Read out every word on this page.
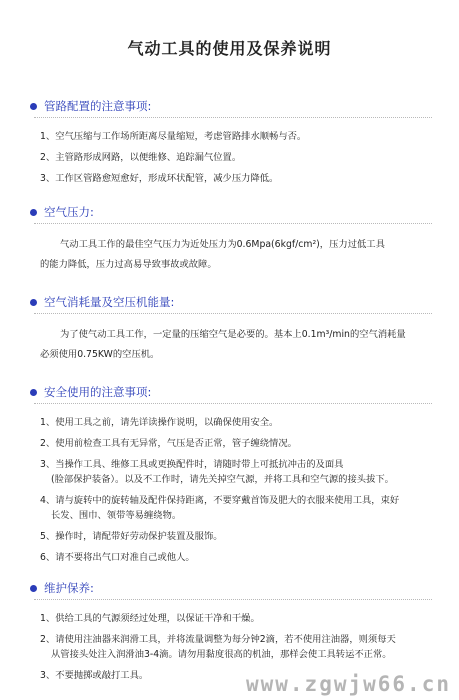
气动工具的使用及保养说明
管路配置的注意事项:
1、空气压缩与工作场所距离尽量缩短，考虑管路排水顺畅与否。
2、主管路形成网路，以便维修、追踪漏气位置。
3、工作区管路愈短愈好，形成环状配管，减少压力降低。
空气压力:
气动工具工作的最佳空气压力为近处压力为0.6Mpa(6kgf/cm²)，压力过低工具
的能力降低，压力过高易导致事故或故障。
空气消耗量及空压机能量:
为了使气动工具工作，一定量的压缩空气是必要的。基本上0.1m³/min的空气消耗量
必须使用0.75KW的空压机。
安全使用的注意事项:
1、使用工具之前，请先详读操作说明，以确保使用安全。
2、使用前检查工具有无异常，气压是否正常，管子缠绕情况。
3、当操作工具、维修工具或更换配件时，请随时带上可抵抗冲击的及面具
(脸部保护装备）。以及不工作时，请先关掉空气源，并将工具和空气源的接头拔下。
4、请与旋转中的旋转轴及配件保持距离，不要穿戴首饰及肥大的衣服来使用工具，束好
长发、围巾、领带等易缠绕物。
5、操作时，请配带好劳动保护装置及服饰。
6、请不要将出气口对准自己或他人。
维护保养:
1、供给工具的气源须经过处理，以保证干净和干燥。
2、请使用注油器来润滑工具，并将流量调整为每分钟2滴，若不使用注油器，则须每天
从管接头处注入润滑油3-4滴。请勿用黏度很高的机油，那样会使工具转运不正常。
3、不要抛掷或敲打工具。	www.zgwjw66.cn
